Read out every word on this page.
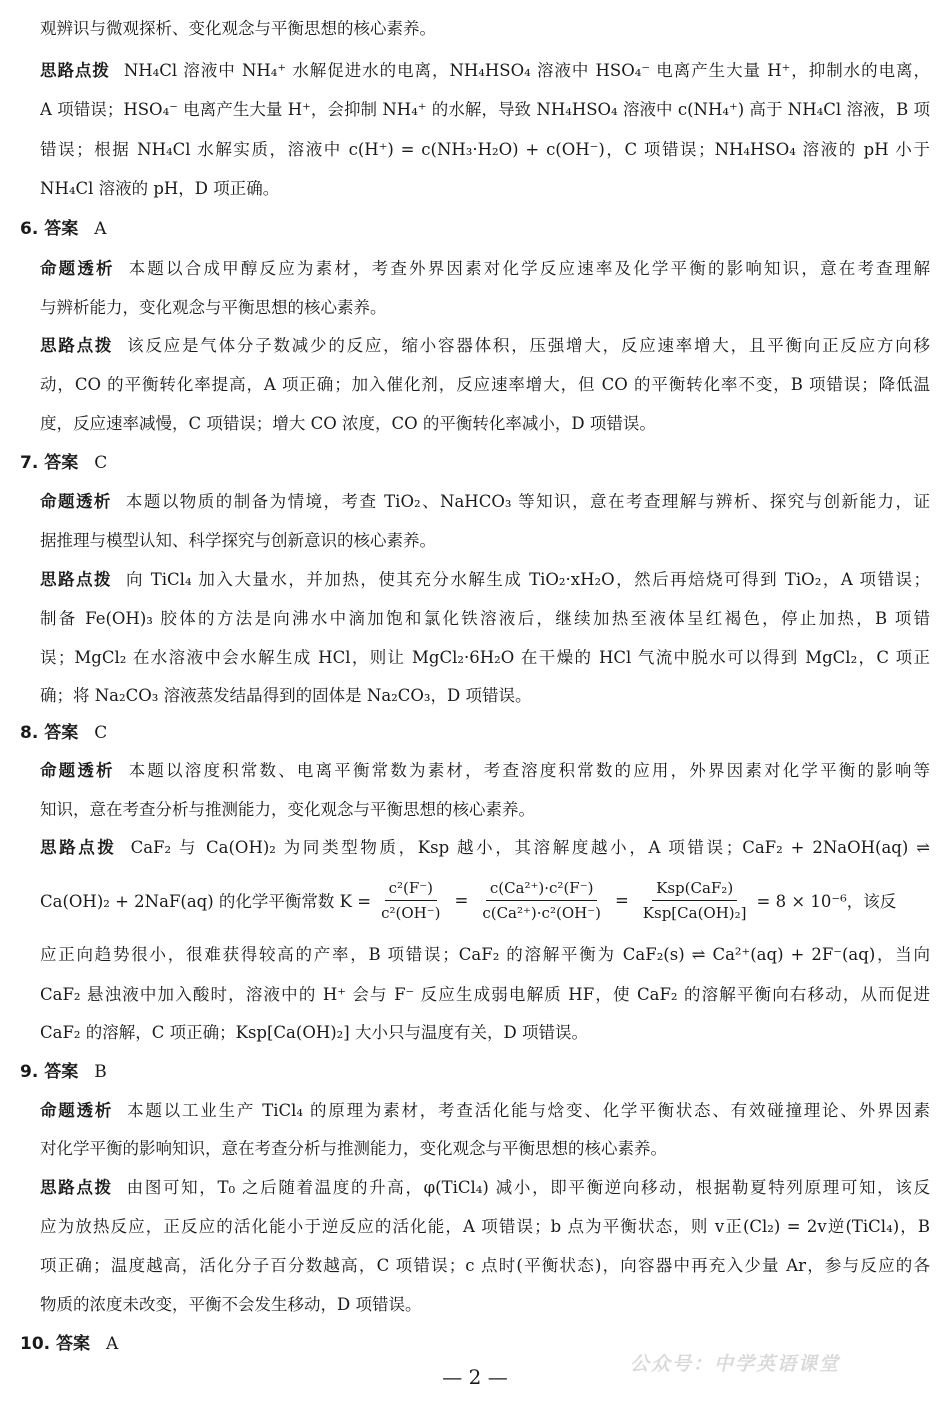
观辨识与微观探析、变化观念与平衡思想的核心素养。
思路点拨 NH₄Cl 溶液中 NH₄⁺ 水解促进水的电离，NH₄HSO₄ 溶液中 HSO₄⁻ 电离产生大量 H⁺，抑制水的电离，
A 项错误；HSO₄⁻ 电离产生大量 H⁺，会抑制 NH₄⁺ 的水解，导致 NH₄HSO₄ 溶液中 c(NH₄⁺) 高于 NH₄Cl 溶液，B 项
错误；根据 NH₄Cl 水解实质，溶液中 c(H⁺) = c(NH₃·H₂O) + c(OH⁻)，C 项错误；NH₄HSO₄ 溶液的 pH 小于
NH₄Cl 溶液的 pH，D 项正确。
6. 答案 A
命题透析 本题以合成甲醇反应为素材，考查外界因素对化学反应速率及化学平衡的影响知识，意在考查理解
与辨析能力，变化观念与平衡思想的核心素养。
思路点拨 该反应是气体分子数减少的反应，缩小容器体积，压强增大，反应速率增大，且平衡向正反应方向移
动，CO 的平衡转化率提高，A 项正确；加入催化剂，反应速率增大，但 CO 的平衡转化率不变，B 项错误；降低温
度，反应速率减慢，C 项错误；增大 CO 浓度，CO 的平衡转化率减小，D 项错误。
7. 答案 C
命题透析 本题以物质的制备为情境，考查 TiO₂、NaHCO₃ 等知识，意在考查理解与辨析、探究与创新能力，证
据推理与模型认知、科学探究与创新意识的核心素养。
思路点拨 向 TiCl₄ 加入大量水，并加热，使其充分水解生成 TiO₂·xH₂O，然后再焙烧可得到 TiO₂，A 项错误；
制备 Fe(OH)₃ 胶体的方法是向沸水中滴加饱和氯化铁溶液后，继续加热至液体呈红褐色，停止加热，B 项错
误；MgCl₂ 在水溶液中会水解生成 HCl，则让 MgCl₂·6H₂O 在干燥的 HCl 气流中脱水可以得到 MgCl₂，C 项正
确；将 Na₂CO₃ 溶液蒸发结晶得到的固体是 Na₂CO₃，D 项错误。
8. 答案 C
命题透析 本题以溶度积常数、电离平衡常数为素材，考查溶度积常数的应用，外界因素对化学平衡的影响等
知识，意在考查分析与推测能力，变化观念与平衡思想的核心素养。
思路点拨 CaF₂ 与 Ca(OH)₂ 为同类型物质，Ksp 越小，其溶解度越小，A 项错误；CaF₂ + 2NaOH(aq) ⇌
Ca(OH)₂ + 2NaF(aq) 的化学平衡常数 $K = \frac{\text{c²(F⁻)}}{\text{c²(OH⁻)}} = \frac{\text{c(Ca²⁺)·c²(F⁻)}}{\text{c(Ca²⁺)·c²(OH⁻)}} = \frac{\text{Ksp(CaF₂)}}{\text{Ksp[Ca(OH)₂]}} = 8 \times 10^{-6}$，该反
应正向趋势很小，很难获得较高的产率，B 项错误；CaF₂ 的溶解平衡为 CaF₂(s) ⇌ Ca²⁺(aq) + 2F⁻(aq)，当向
CaF₂ 悬浊液中加入酸时，溶液中的 H⁺ 会与 F⁻ 反应生成弱电解质 HF，使 CaF₂ 的溶解平衡向右移动，从而促进
CaF₂ 的溶解，C 项正确；Ksp[Ca(OH)₂] 大小只与温度有关，D 项错误。
9. 答案 B
命题透析 本题以工业生产 TiCl₄ 的原理为素材，考查活化能与焓变、化学平衡状态、有效碰撞理论、外界因素
对化学平衡的影响知识，意在考查分析与推测能力，变化观念与平衡思想的核心素养。
思路点拨 由图可知，T₀ 之后随着温度的升高，φ(TiCl₄) 减小，即平衡逆向移动，根据勒夏特列原理可知，该反
应为放热反应，正反应的活化能小于逆反应的活化能，A 项错误；b 点为平衡状态，则 v正(Cl₂) = 2v逆(TiCl₄)，B
项正确；温度越高，活化分子百分数越高，C 项错误；c 点时(平衡状态)，向容器中再充入少量 Ar，参与反应的各
物质的浓度未改变，平衡不会发生移动，D 项错误。
10. 答案 A
— 2 —
公众号：中学英语课堂
